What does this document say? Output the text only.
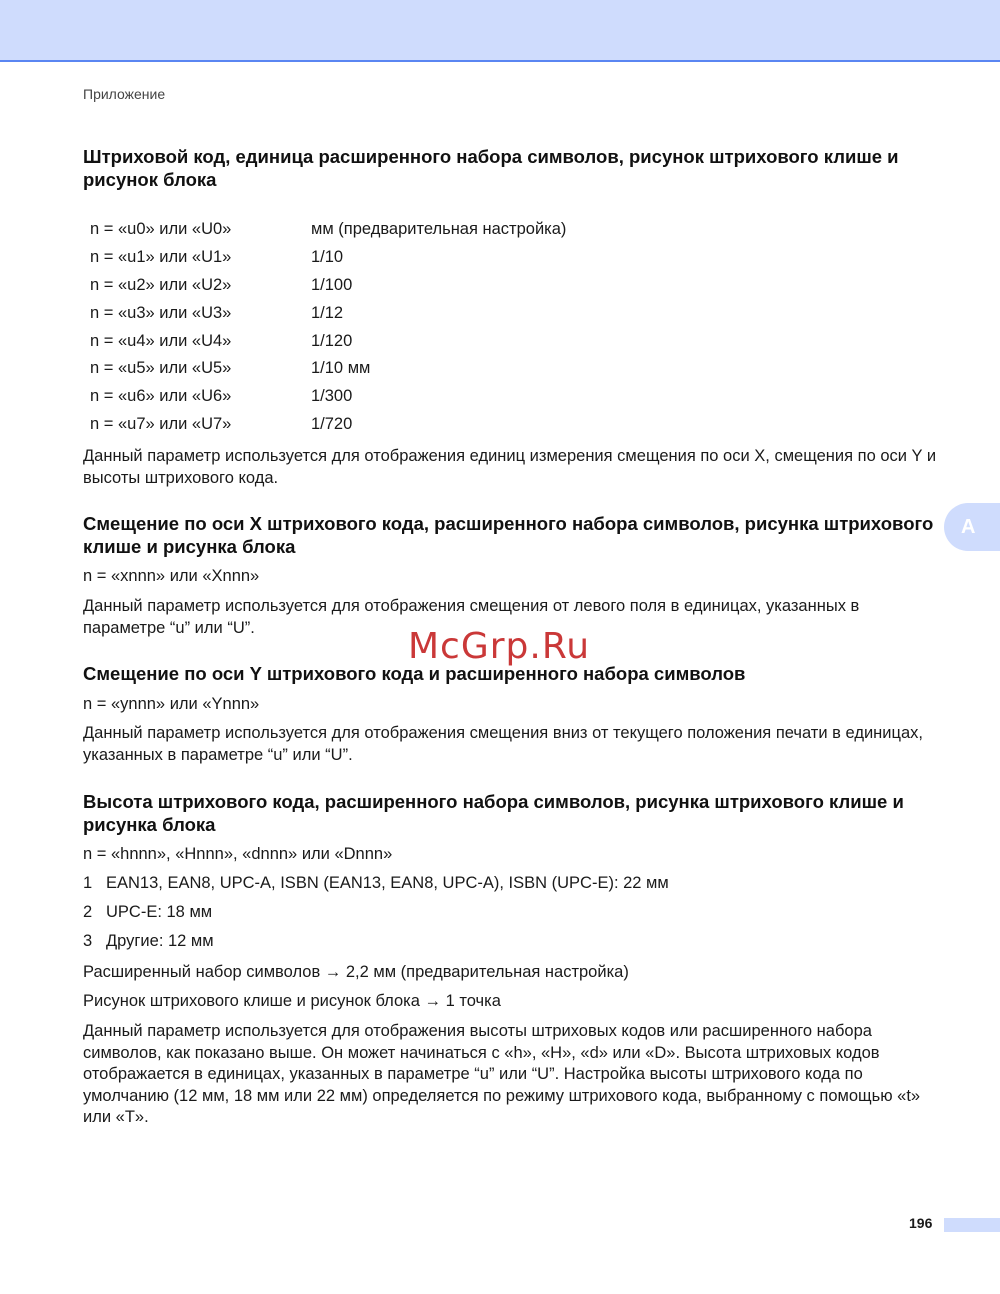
Приложение
A
Штриховой код, единица расширенного набора символов, рисунок штрихового клише и рисунок блока
n = «u0» или «U0»	мм (предварительная настройка)
n = «u1» или «U1»	1/10
n = «u2» или «U2»	1/100
n = «u3» или «U3»	1/12
n = «u4» или «U4»	1/120
n = «u5» или «U5»	1/10 мм
n = «u6» или «U6»	1/300
n = «u7» или «U7»	1/720
Данный параметр используется для отображения единиц измерения смещения по оси X, смещения по оси Y и высоты штрихового кода.
Смещение по оси X штрихового кода, расширенного набора символов, рисунка штрихового клише и рисунка блока
n = «xnnn» или «Xnnn»
Данный параметр используется для отображения смещения от левого поля в единицах, указанных в параметре “u” или “U”.
Смещение по оси Y штрихового кода и расширенного набора символов
n = «ynnn» или «Ynnn»
Данный параметр используется для отображения смещения вниз от текущего положения печати в единицах, указанных в параметре “u” или “U”.
Высота штрихового кода, расширенного набора символов, рисунка штрихового клише и рисунка блока
n = «hnnn», «Hnnn», «dnnn» или «Dnnn»
1 EAN13, EAN8, UPC-A, ISBN (EAN13, EAN8, UPC-A), ISBN (UPC-E): 22 мм
2 UPC-E: 18 мм
3 Другие: 12 мм
Расширенный набор символов → 2,2 мм (предварительная настройка)
Рисунок штрихового клише и рисунок блока → 1 точка
Данный параметр используется для отображения высоты штриховых кодов или расширенного набора символов, как показано выше. Он может начинаться с «h», «H», «d» или «D». Высота штриховых кодов отображается в единицах, указанных в параметре “u” или “U”. Настройка высоты штрихового кода по умолчанию (12 мм, 18 мм или 22 мм) определяется по режиму штрихового кода, выбранному с помощью «t» или «T».
McGrp.Ru
196
